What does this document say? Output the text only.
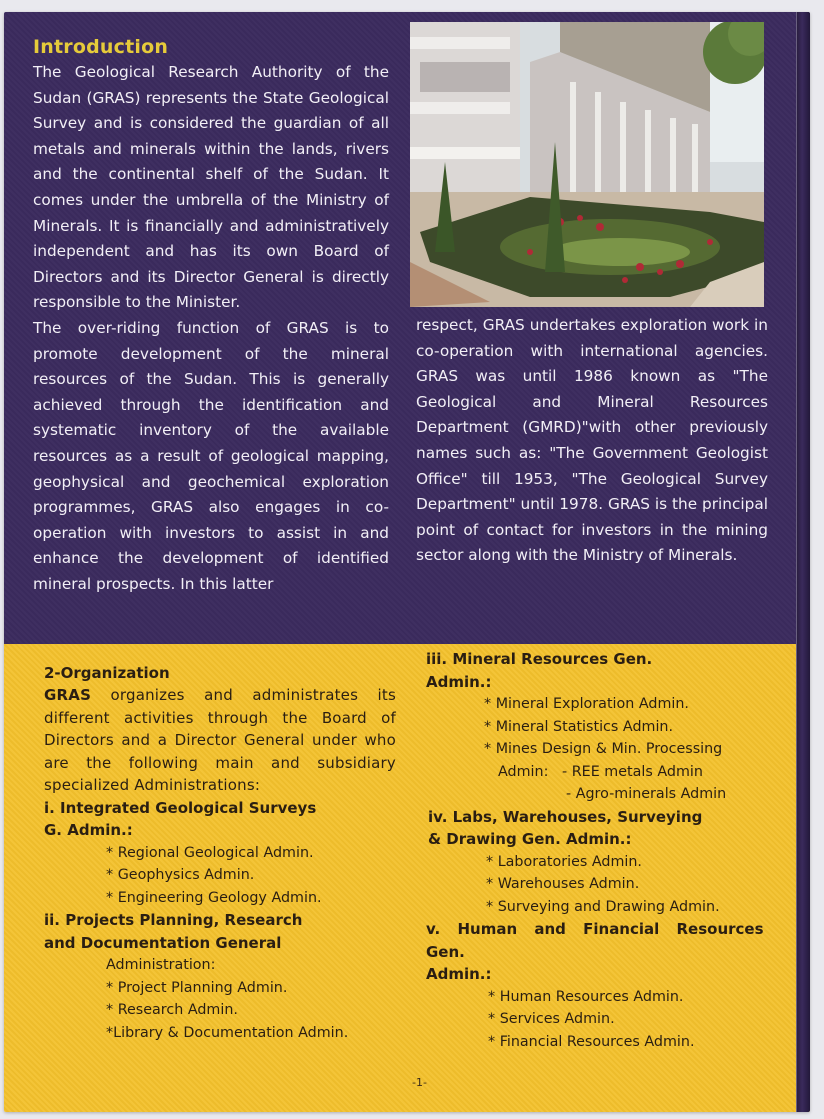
Introduction

The Geological Research Authority of the Sudan (GRAS) represents the State Geological Survey and is considered the guardian of all metals and minerals within the lands, rivers and the continental shelf of the Sudan. It comes under the umbrella of the Ministry of Minerals. It is financially and administratively independent and has its own Board of Directors and its Director General is directly responsible to the Minister.

The over-riding function of GRAS is to promote development of the mineral resources of the Sudan. This is generally achieved through the identification and systematic inventory of the available resources as a result of geological mapping, geophysical and geochemical exploration programmes, GRAS also engages in co-operation with investors to assist in and enhance the development of identified mineral prospects. In this latter

respect, GRAS undertakes exploration work in co-operation with international agencies. GRAS was until 1986 known as "The Geological and Mineral Resources Department (GMRD)"with other previously names such as: "The Government Geologist Office" till 1953, "The Geological Survey Department" until 1978. GRAS is the principal point of contact for investors in the mining sector along with the Ministry of Minerals.

2-Organization

GRAS organizes and administrates its different activities through the Board of Directors and a Director General under who are the following main and subsidiary specialized Administrations:

i. Integrated Geological Surveys
G. Admin.:
* Regional Geological Admin.
* Geophysics Admin.
* Engineering Geology Admin.
ii. Projects Planning, Research
and Documentation General
Administration:
* Project Planning Admin.
* Research Admin.
*Library & Documentation Admin.
iii. Mineral Resources Gen.
Admin.:
* Mineral Exploration Admin.
* Mineral Statistics Admin.
* Mines Design & Min. Processing
Admin: - REE metals Admin
- Agro-minerals Admin
iv. Labs, Warehouses, Surveying
& Drawing Gen. Admin.:
* Laboratories Admin.
* Warehouses Admin.
* Surveying and Drawing Admin.
v. Human and Financial Resources Gen.
Admin.:
* Human Resources Admin.
* Services Admin.
* Financial Resources Admin.
-1-
